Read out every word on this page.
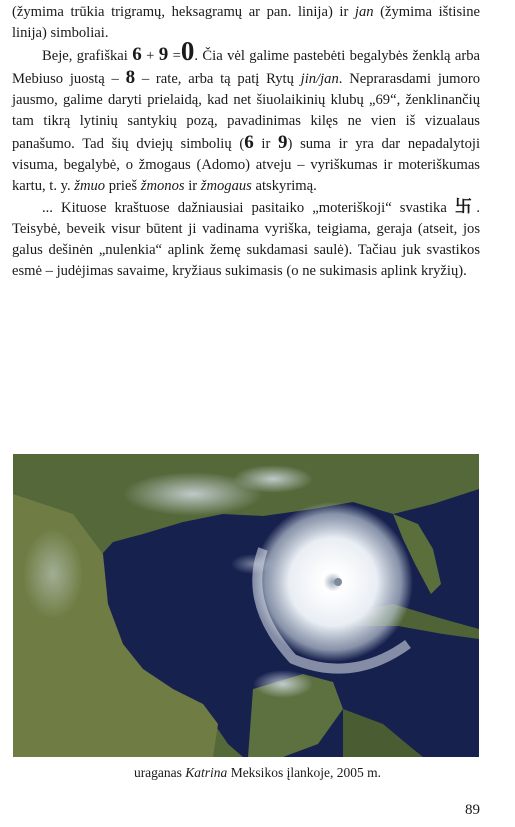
(žymima trūkia trigramų, heksagramų ar pan. linija) ir jan (žymima ištisine linija) simboliai.

Beje, grafiškai 6 + 9 =0. Čia vėl galime pastebėti begalybės ženklą arba Mebiuso juostą – 8 – rate, arba tą patį Rytų jin/jan. Neprarasdami jumoro jausmo, galime daryti prielaidą, kad net šiuolaikinių klubų „69“, ženklinančių tam tikrą lytinių santykių pozą, pavadinimas kilęs ne vien iš vizualaus panašumo. Tad šių dviejų simbolių (6 ir 9) suma ir yra dar nepadalytoji visuma, begalybė, o žmogaus (Adomo) atveju – vyriškumas ir moteriškumas kartu, t. y. žmuo prieš žmonos ir žmogaus atskyrimą.

... Kituose kraštuose dažniausiai pasitaiko „moteriškoji“ svastika 卐. Teisybė, beveik visur būtent ji vadinama vyriška, teigiama, geraja (atseit, jos galus dešinėn „nulenkia“ aplink žemę sukdamasi saulė). Tačiau juk svastikos esmė – judėjimas savaime, kryžiaus sukimasis (o ne sukimasis aplink kryžių).

uraganas Katrina Meksikos įlankoje, 2005 m.
89
